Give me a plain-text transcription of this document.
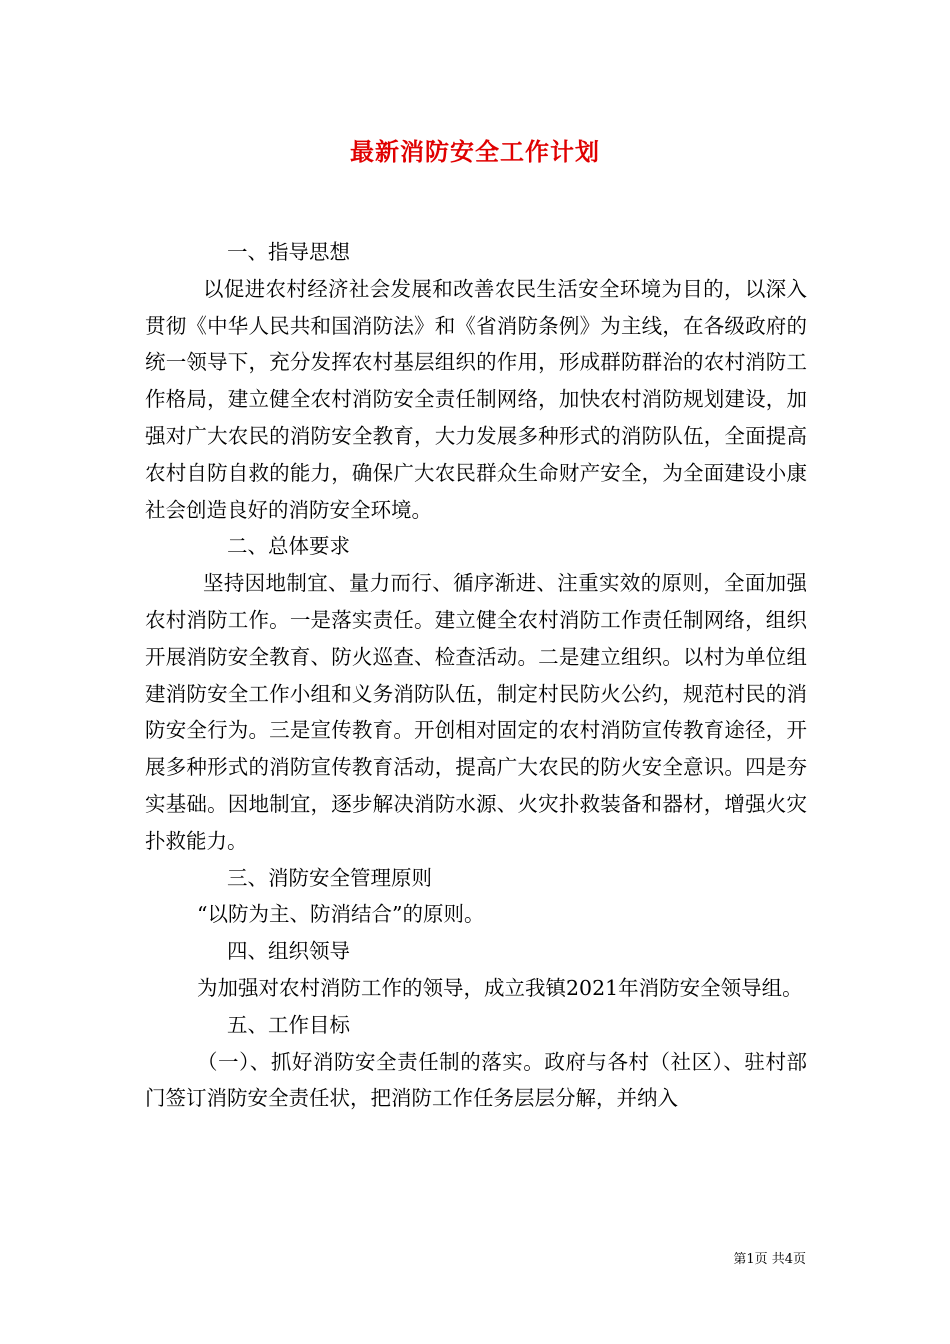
最新消防安全工作计划

一、指导思想

以促进农村经济社会发展和改善农民生活安全环境为目的，以深入贯彻《中华人民共和国消防法》和《省消防条例》为主线，在各级政府的统一领导下，充分发挥农村基层组织的作用，形成群防群治的农村消防工作格局，建立健全农村消防安全责任制网络，加快农村消防规划建设，加强对广大农民的消防安全教育，大力发展多种形式的消防队伍，全面提高农村自防自救的能力，确保广大农民群众生命财产安全，为全面建设小康社会创造良好的消防安全环境。

二、总体要求

坚持因地制宜、量力而行、循序渐进、注重实效的原则，全面加强农村消防工作。一是落实责任。建立健全农村消防工作责任制网络，组织开展消防安全教育、防火巡查、检查活动。二是建立组织。以村为单位组建消防安全工作小组和义务消防队伍，制定村民防火公约，规范村民的消防安全行为。三是宣传教育。开创相对固定的农村消防宣传教育途径，开展多种形式的消防宣传教育活动，提高广大农民的防火安全意识。四是夯实基础。因地制宜，逐步解决消防水源、火灾扑救装备和器材，增强火灾扑救能力。

三、消防安全管理原则

“以防为主、防消结合”的原则。

四、组织领导

为加强对农村消防工作的领导，成立我镇2021年消防安全领导组。

五、工作目标

（一）、抓好消防安全责任制的落实。政府与各村（社区）、驻村部门签订消防安全责任状，把消防工作任务层层分解，并纳入

第1页 共4页
